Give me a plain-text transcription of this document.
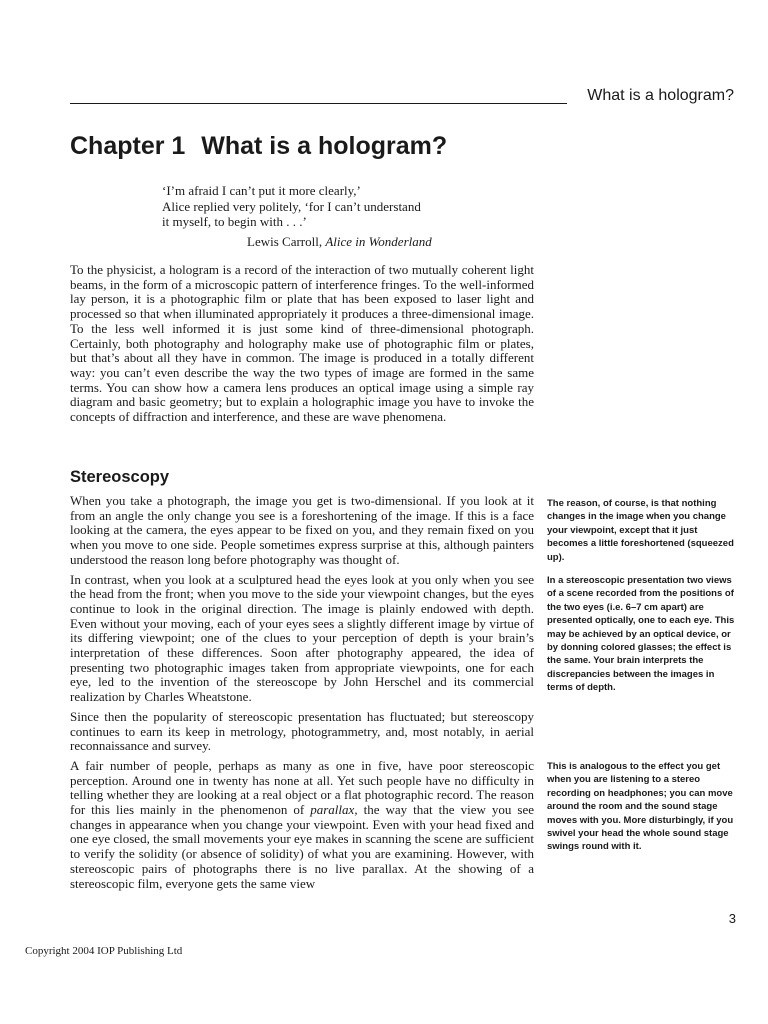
What is a hologram?
Chapter 1 What is a hologram?
‘I’m afraid I can’t put it more clearly,’
Alice replied very politely, ‘for I can’t understand
it myself, to begin with . . .’
Lewis Carroll, Alice in Wonderland

To the physicist, a hologram is a record of the interaction of two mutually coherent light beams, in the form of a microscopic pattern of interference fringes. To the well-informed lay person, it is a photographic film or plate that has been exposed to laser light and processed so that when illuminated appropriately it produces a three-dimensional image. To the less well informed it is just some kind of three-dimensional photograph. Certainly, both photography and holography make use of photographic film or plates, but that’s about all they have in common. The image is produced in a totally different way: you can’t even describe the way the two types of image are formed in the same terms. You can show how a camera lens produces an optical image using a simple ray diagram and basic geometry; but to explain a holographic image you have to invoke the concepts of diffraction and interference, and these are wave phenomena.

Stereoscopy

When you take a photograph, the image you get is two-dimensional. If you look at it from an angle the only change you see is a foreshortening of the image. If this is a face looking at the camera, the eyes appear to be fixed on you, and they remain fixed on you when you move to one side. People sometimes express surprise at this, although painters understood the reason long before photography was thought of.

In contrast, when you look at a sculptured head the eyes look at you only when you see the head from the front; when you move to the side your viewpoint changes, but the eyes continue to look in the original direction. The image is plainly endowed with depth. Even without your moving, each of your eyes sees a slightly different image by virtue of its differing viewpoint; one of the clues to your perception of depth is your brain’s interpretation of these differences. Soon after photography appeared, the idea of presenting two photographic images taken from appropriate viewpoints, one for each eye, led to the invention of the stereoscope by John Herschel and its commercial realization by Charles Wheatstone.

Since then the popularity of stereoscopic presentation has fluctuated; but stereoscopy continues to earn its keep in metrology, photogrammetry, and, most notably, in aerial reconnaissance and survey.

A fair number of people, perhaps as many as one in five, have poor stereoscopic perception. Around one in twenty has none at all. Yet such people have no difficulty in telling whether they are looking at a real object or a flat photographic record. The reason for this lies mainly in the phenomenon of parallax, the way that the view you see changes in appearance when you change your viewpoint. Even with your head fixed and one eye closed, the small movements your eye makes in scanning the scene are sufficient to verify the solidity (or absence of solidity) of what you are examining. However, with stereoscopic pairs of photographs there is no live parallax. At the showing of a stereoscopic film, everyone gets the same view

The reason, of course, is that nothing changes in the image when you change your viewpoint, except that it just becomes a little foreshortened (squeezed up).

In a stereoscopic presentation two views of a scene recorded from the positions of the two eyes (i.e. 6–7 cm apart) are presented optically, one to each eye. This may be achieved by an optical device, or by donning colored glasses; the effect is the same. Your brain interprets the discrepancies between the images in terms of depth.

This is analogous to the effect you get when you are listening to a stereo recording on headphones; you can move around the room and the sound stage moves with you. More disturbingly, if you swivel your head the whole sound stage swings round with it.

3
Copyright 2004 IOP Publishing Ltd
